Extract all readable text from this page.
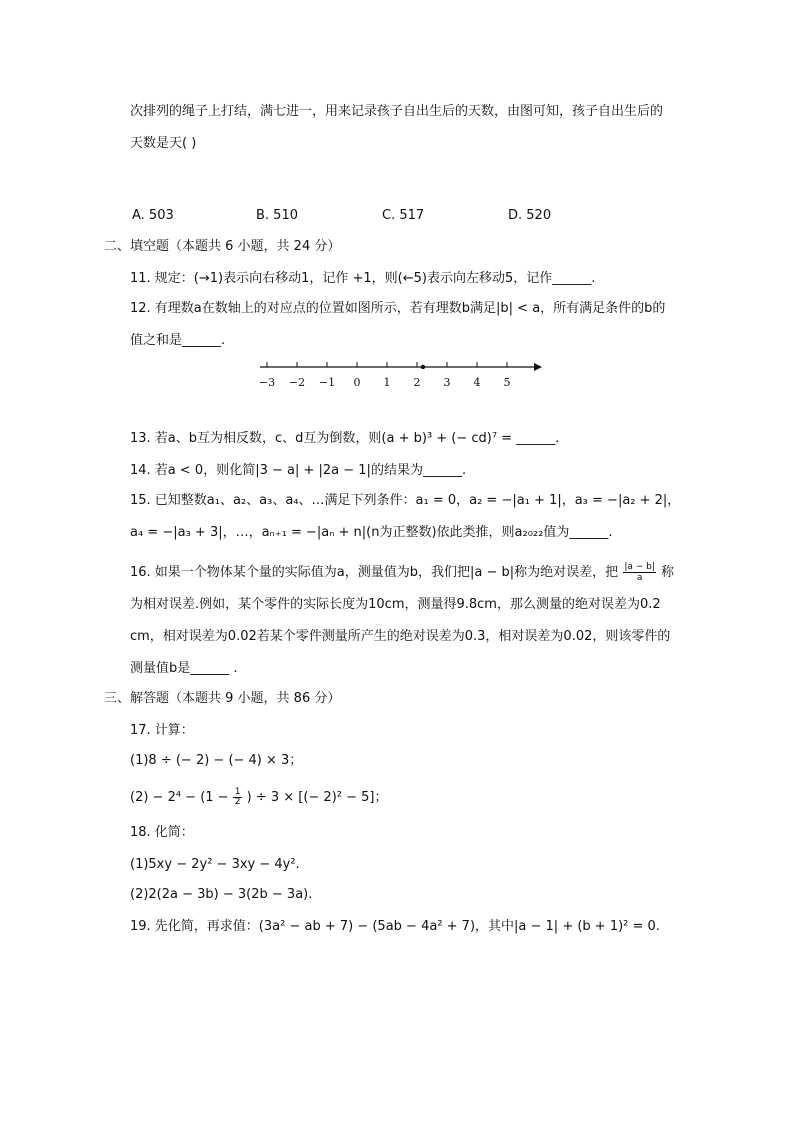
次排列的绳子上打结，满七进一，用来记录孩子自出生后的天数，由图可知，孩子自出生后的
天数是天( )
A. 503	B. 510	C. 517	D. 520
二、填空题（本题共 6 小题，共 24 分）
11. 规定：(→1)表示向右移动1，记作 +1，则(←5)表示向左移动5，记作______.
12. 有理数a在数轴上的对应点的位置如图所示，若有理数b满足|b| < a，所有满足条件的b的
值之和是______.
−3 −2 −1 0 1 2 3 4 5
13. 若a、b互为相反数，c、d互为倒数，则(a + b)³ + (− cd)⁷ = ______.
14. 若a < 0，则化简|3 − a| + |2a − 1|的结果为______.
15. 已知整数a₁、a₂、a₃、a₄、…满足下列条件：a₁ = 0，a₂ = −|a₁ + 1|，a₃ = −|a₂ + 2|，
a₄ = −|a₃ + 3|，…，aₙ₊₁ = −|aₙ + n|(n为正整数)依此类推，则a₂₀₂₂值为______.
16. 如果一个物体某个量的实际值为a，测量值为b，我们把|a − b|称为绝对误差，把 $\frac{|a - b|}{a}$ 称
为相对误差.例如，某个零件的实际长度为10cm，测量得9.8cm，那么测量的绝对误差为0.2
cm，相对误差为0.02若某个零件测量所产生的绝对误差为0.3，相对误差为0.02，则该零件的
测量值b是______ .
三、解答题（本题共 9 小题，共 86 分）
17. 计算：
(1)8 ÷ (− 2) − (− 4) × 3；
$(2) - 2^4 - (1 - \frac{1}{2}$ ) ÷ 3 × [(− 2)² − 5]；
18. 化简：
(1)5xy − 2y² − 3xy − 4y².
(2)2(2a − 3b) − 3(2b − 3a).
19. 先化简，再求值：(3a² − ab + 7) − (5ab − 4a² + 7)，其中|a − 1| + (b + 1)² = 0.
